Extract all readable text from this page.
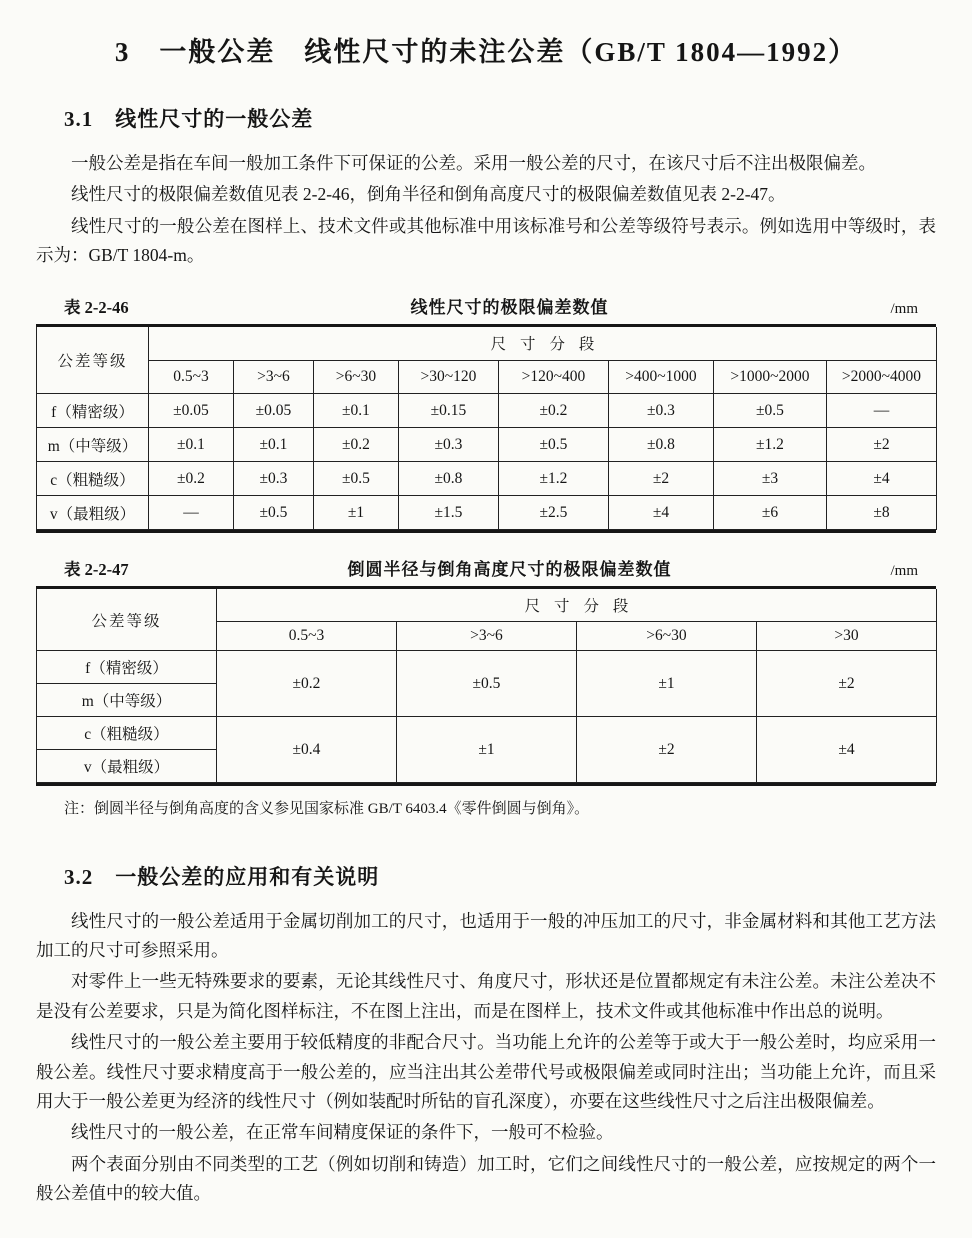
3　一般公差　线性尺寸的未注公差（GB/T 1804—1992）
3.1　线性尺寸的一般公差

一般公差是指在车间一般加工条件下可保证的公差。采用一般公差的尺寸，在该尺寸后不注出极限偏差。

线性尺寸的极限偏差数值见表 2-2-46，倒角半径和倒角高度尺寸的极限偏差数值见表 2-2-47。

线性尺寸的一般公差在图样上、技术文件或其他标准中用该标准号和公差等级符号表示。例如选用中等级时，表示为：GB/T 1804-m。

表 2-2-46	线性尺寸的极限偏差数值	/mm
公差等级	尺寸分段							
	0.5~3	>3~6	>6~30	>30~120	>120~400	>400~1000	>1000~2000	>2000~4000
f（精密级）	±0.05	±0.05	±0.1	±0.15	±0.2	±0.3	±0.5	—
m（中等级）	±0.1	±0.1	±0.2	±0.3	±0.5	±0.8	±1.2	±2
c（粗糙级）	±0.2	±0.3	±0.5	±0.8	±1.2	±2	±3	±4
v（最粗级）	—	±0.5	±1	±1.5	±2.5	±4	±6	±8
表 2-2-47	倒圆半径与倒角高度尺寸的极限偏差数值	/mm
公差等级	尺寸分段			
	0.5~3	>3~6	>6~30	>30
f（精密级）	±0.2	±0.5	±1	±2
m（中等级）				
c（粗糙级）	±0.4	±1	±2	±4
v（最粗级）				

注：倒圆半径与倒角高度的含义参见国家标准 GB/T 6403.4《零件倒圆与倒角》。

3.2　一般公差的应用和有关说明

线性尺寸的一般公差适用于金属切削加工的尺寸，也适用于一般的冲压加工的尺寸，非金属材料和其他工艺方法加工的尺寸可参照采用。

对零件上一些无特殊要求的要素，无论其线性尺寸、角度尺寸，形状还是位置都规定有未注公差。未注公差决不是没有公差要求，只是为简化图样标注，不在图上注出，而是在图样上，技术文件或其他标准中作出总的说明。

线性尺寸的一般公差主要用于较低精度的非配合尺寸。当功能上允许的公差等于或大于一般公差时，均应采用一般公差。线性尺寸要求精度高于一般公差的，应当注出其公差带代号或极限偏差或同时注出；当功能上允许，而且采用大于一般公差更为经济的线性尺寸（例如装配时所钻的盲孔深度），亦要在这些线性尺寸之后注出极限偏差。

线性尺寸的一般公差，在正常车间精度保证的条件下，一般可不检验。

两个表面分别由不同类型的工艺（例如切削和铸造）加工时，它们之间线性尺寸的一般公差，应按规定的两个一般公差值中的较大值。
